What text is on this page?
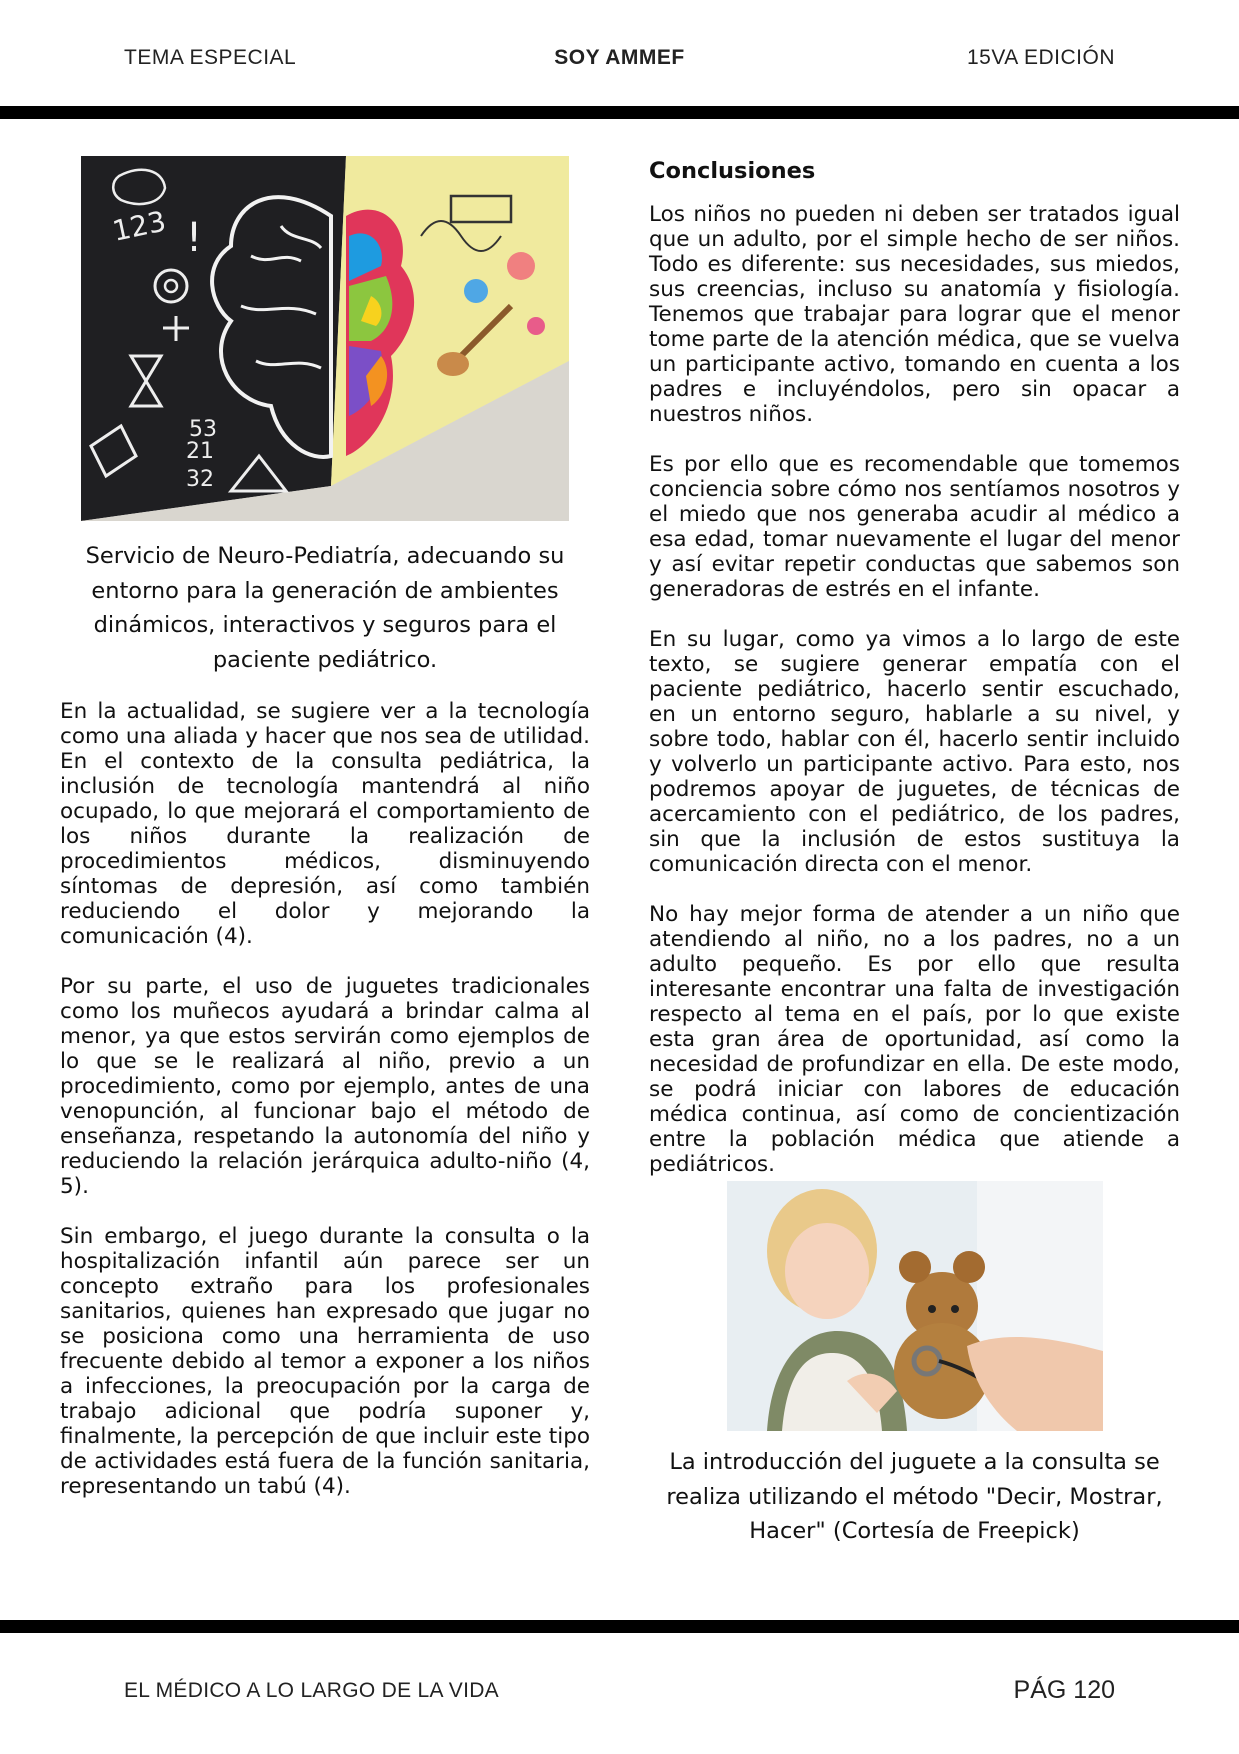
TEMA ESPECIAL	SOY AMMEF	15VA EDICIÓN
123 !
53
21
32

Servicio de Neuro-Pediatría, adecuando su entorno para la generación de ambientes dinámicos, interactivos y seguros para el paciente pediátrico.

En la actualidad, se sugiere ver a la tecnología como una aliada y hacer que nos sea de utilidad. En el contexto de la consulta pediátrica, la inclusión de tecnología mantendrá al niño ocupado, lo que mejorará el comportamiento de los niños durante la realización de procedimientos médicos, disminuyendo síntomas de depresión, así como también reduciendo el dolor y mejorando la comunicación (4).

Por su parte, el uso de juguetes tradicionales como los muñecos ayudará a brindar calma al menor, ya que estos servirán como ejemplos de lo que se le realizará al niño, previo a un procedimiento, como por ejemplo, antes de una venopunción, al funcionar bajo el método de enseñanza, respetando la autonomía del niño y reduciendo la relación jerárquica adulto-niño (4, 5).

Sin embargo, el juego durante la consulta o la hospitalización infantil aún parece ser un concepto extraño para los profesionales sanitarios, quienes han expresado que jugar no se posiciona como una herramienta de uso frecuente debido al temor a exponer a los niños a infecciones, la preocupación por la carga de trabajo adicional que podría suponer y, finalmente, la percepción de que incluir este tipo de actividades está fuera de la función sanitaria, representando un tabú (4).

Conclusiones

Los niños no pueden ni deben ser tratados igual que un adulto, por el simple hecho de ser niños. Todo es diferente: sus necesidades, sus miedos, sus creencias, incluso su anatomía y fisiología. Tenemos que trabajar para lograr que el menor tome parte de la atención médica, que se vuelva un participante activo, tomando en cuenta a los padres e incluyéndolos, pero sin opacar a nuestros niños.

Es por ello que es recomendable que tomemos conciencia sobre cómo nos sentíamos nosotros y el miedo que nos generaba acudir al médico a esa edad, tomar nuevamente el lugar del menor y así evitar repetir conductas que sabemos son generadoras de estrés en el infante.

En su lugar, como ya vimos a lo largo de este texto, se sugiere generar empatía con el paciente pediátrico, hacerlo sentir escuchado, en un entorno seguro, hablarle a su nivel, y sobre todo, hablar con él, hacerlo sentir incluido y volverlo un participante activo. Para esto, nos podremos apoyar de juguetes, de técnicas de acercamiento con el pediátrico, de los padres, sin que la inclusión de estos sustituya la comunicación directa con el menor.

No hay mejor forma de atender a un niño que atendiendo al niño, no a los padres, no a un adulto pequeño. Es por ello que resulta interesante encontrar una falta de investigación respecto al tema en el país, por lo que existe esta gran área de oportunidad, así como la necesidad de profundizar en ella. De este modo, se podrá iniciar con labores de educación médica continua, así como de concientización entre la población médica que atiende a pediátricos.

La introducción del juguete a la consulta se realiza utilizando el método "Decir, Mostrar, Hacer" (Cortesía de Freepick)

EL MÉDICO A LO LARGO DE LA VIDA	PÁG 120
